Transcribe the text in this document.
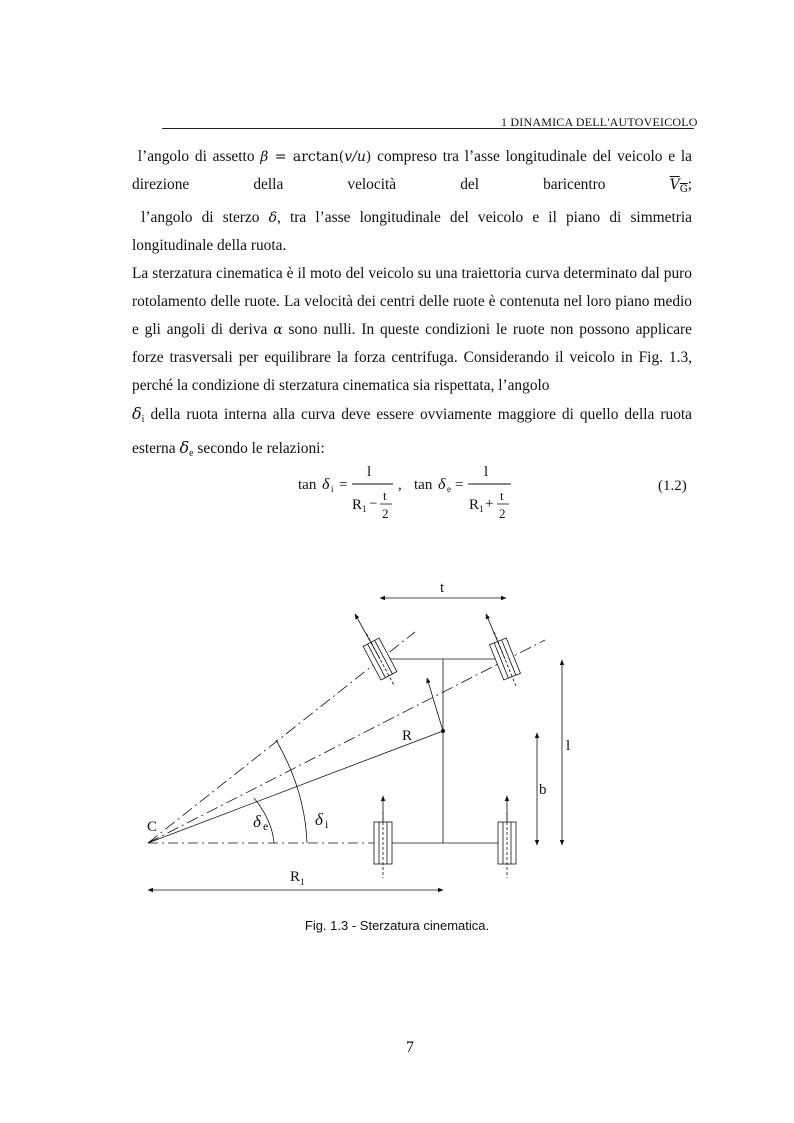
1 DINAMICA DELL'AUTOVEICOLO

l’angolo di assetto β = arctan(v/u) compreso tra l’asse longitudinale del veicolo e la direzione della velocità del baricentro $V_G$;

l’angolo di sterzo δ, tra l’asse longitudinale del veicolo e il piano di simmetria longitudinale della ruota.

La sterzatura cinematica è il moto del veicolo su una traiettoria curva determinato dal puro rotolamento delle ruote. La velocità dei centri delle ruote è contenuta nel loro piano medio e gli angoli di deriva α sono nulli. In queste condizioni le ruote non possono applicare forze trasversali per equilibrare la forza centrifuga. Considerando il veicolo in Fig. 1.3, perché la condizione di sterzatura cinematica sia rispettata, l’angolo
$\delta_i$ della ruota interna alla curva deve essere ovviamente maggiore di quello della ruota esterna $\delta_e$ secondo le relazioni:

tan δ i =
l
R 1 −
t
2
, tan δ e =
l
R 1 +
t
2
(1.2)
t
l
b
R
C
R 1
δ e	δ i
Fig. 1.3 - Sterzatura cinematica.
7
